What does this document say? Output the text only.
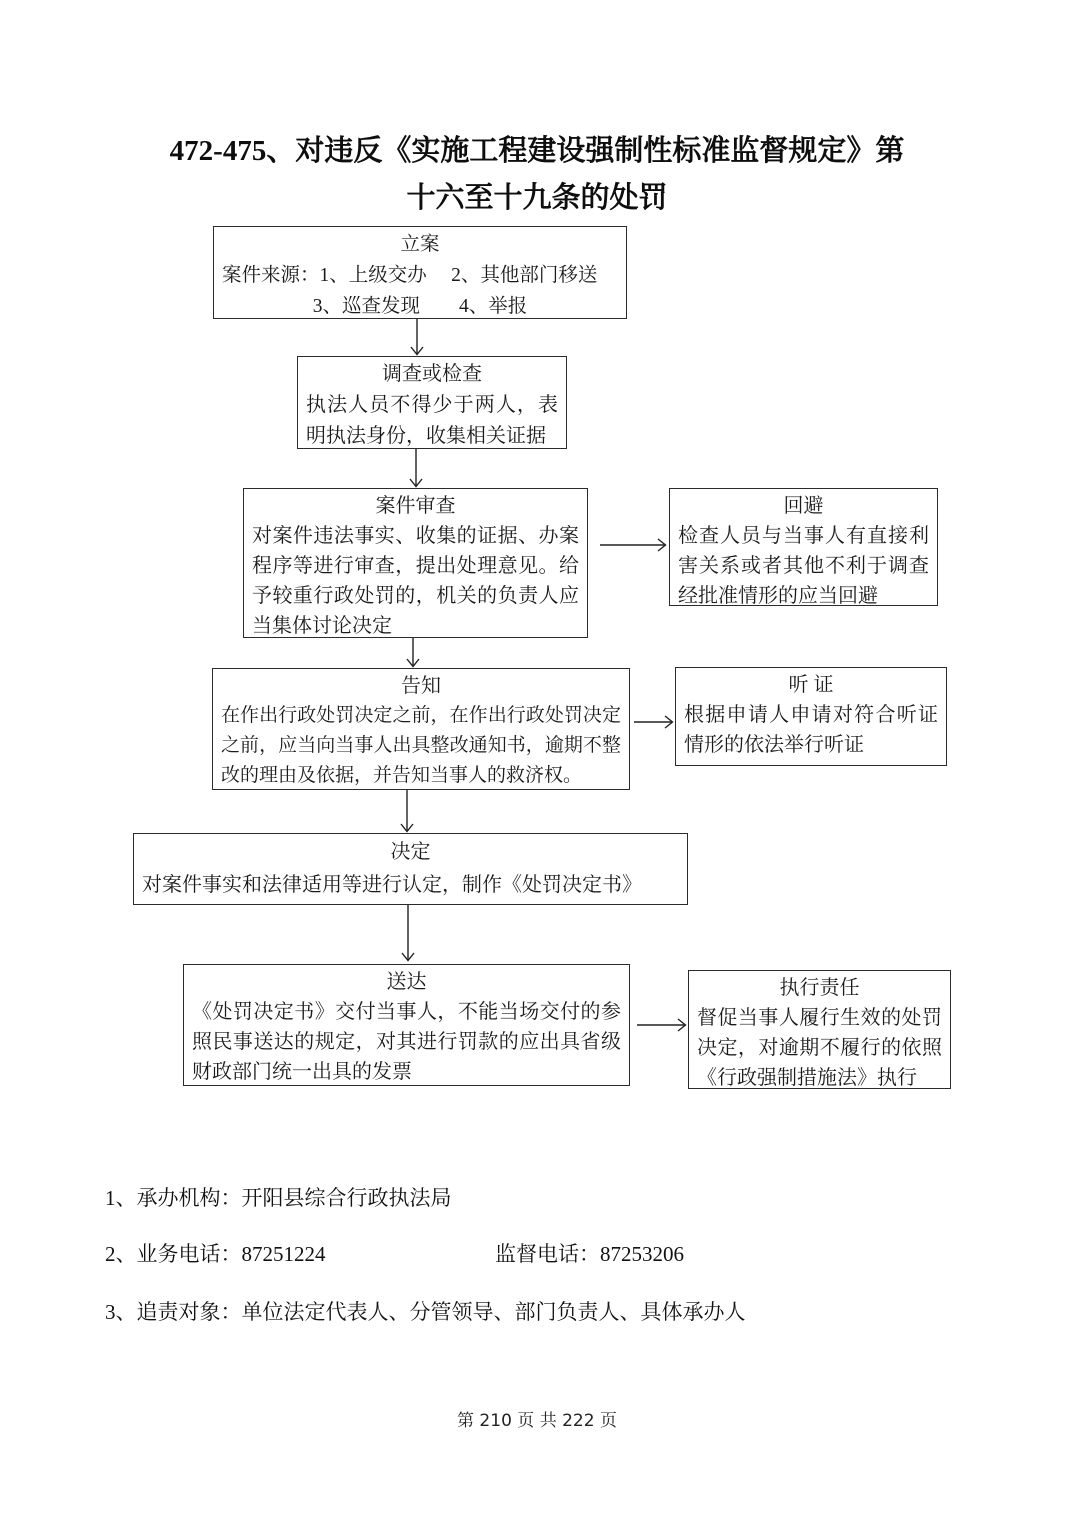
472-475、对违反《实施工程建设强制性标准监督规定》第
十六至十九条的处罚
立案
案件来源：1、上级交办　 2、其他部门移送
3、巡查发现　　4、举报
调查或检查
执法人员不得少于两人，表明执法身份，收集相关证据
案件审查
对案件违法事实、收集的证据、办案程序等进行审查，提出处理意见。给予较重行政处罚的，机关的负责人应当集体讨论决定
回避
检查人员与当事人有直接利害关系或者其他不利于调查经批准情形的应当回避
告知
在作出行政处罚决定之前，在作出行政处罚决定之前，应当向当事人出具整改通知书，逾期不整改的理由及依据，并告知当事人的救济权。
听 证
根据申请人申请对符合听证情形的依法举行听证
决定
对案件事实和法律适用等进行认定，制作《处罚决定书》
送达
《处罚决定书》交付当事人，不能当场交付的参照民事送达的规定，对其进行罚款的应出具省级财政部门统一出具的发票
执行责任
督促当事人履行生效的处罚决定，对逾期不履行的依照《行政强制措施法》执行
1、承办机构：开阳县综合行政执法局
2、业务电话：87251224	监督电话：87253206
3、追责对象：单位法定代表人、分管领导、部门负责人、具体承办人
第 210 页 共 222 页
